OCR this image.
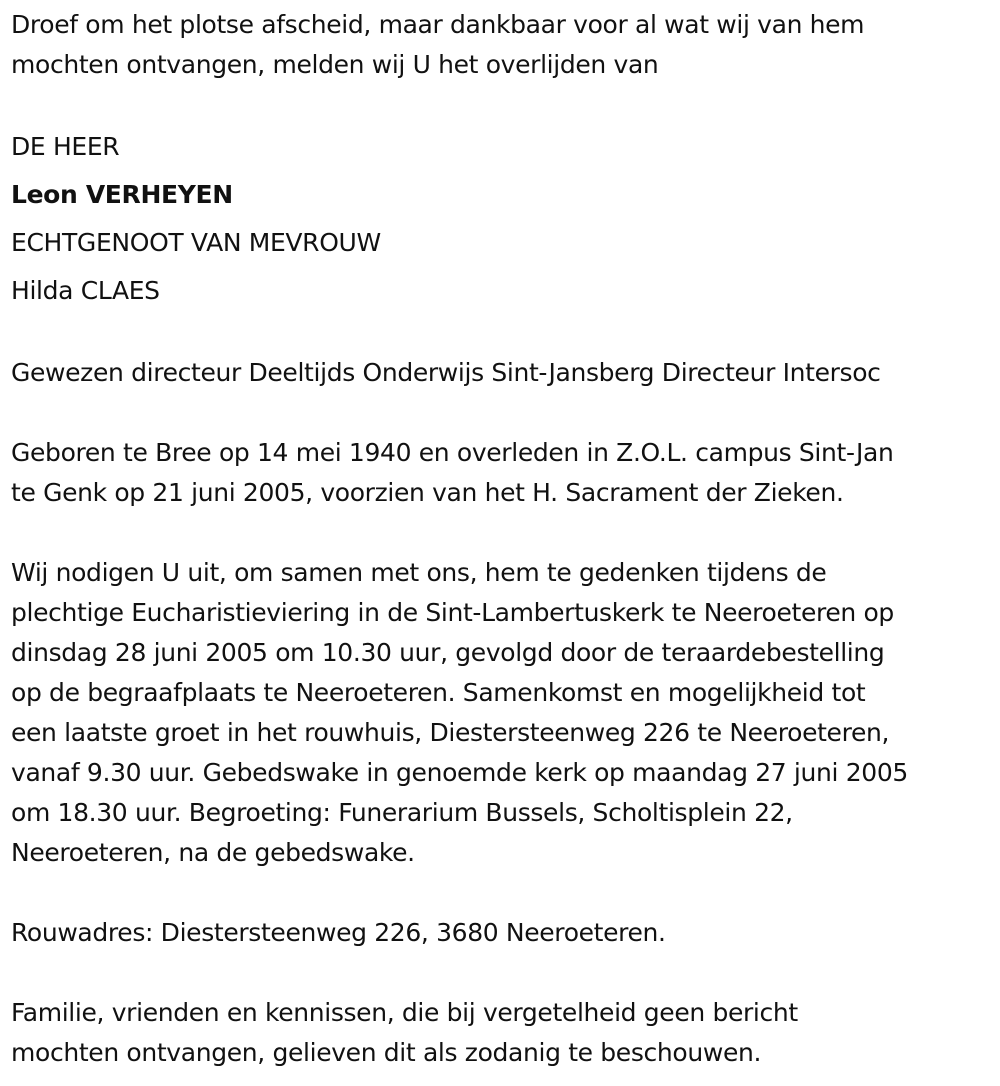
Droef om het plotse afscheid, maar dankbaar voor al wat wij van hem
mochten ontvangen, melden wij U het overlijden van
DE HEER
Leon VERHEYEN
ECHTGENOOT VAN MEVROUW
Hilda CLAES
Gewezen directeur Deeltijds Onderwijs Sint-Jansberg Directeur Intersoc
Geboren te Bree op 14 mei 1940 en overleden in Z.O.L. campus Sint-Jan
te Genk op 21 juni 2005, voorzien van het H. Sacrament der Zieken.
Wij nodigen U uit, om samen met ons, hem te gedenken tijdens de
plechtige Eucharistieviering in de Sint-Lambertuskerk te Neeroeteren op
dinsdag 28 juni 2005 om 10.30 uur, gevolgd door de teraardebestelling
op de begraafplaats te Neeroeteren. Samenkomst en mogelijkheid tot
een laatste groet in het rouwhuis, Diestersteenweg 226 te Neeroeteren,
vanaf 9.30 uur. Gebedswake in genoemde kerk op maandag 27 juni 2005
om 18.30 uur. Begroeting: Funerarium Bussels, Scholtisplein 22,
Neeroeteren, na de gebedswake.
Rouwadres: Diestersteenweg 226, 3680 Neeroeteren.
Familie, vrienden en kennissen, die bij vergetelheid geen bericht
mochten ontvangen, gelieven dit als zodanig te beschouwen.
